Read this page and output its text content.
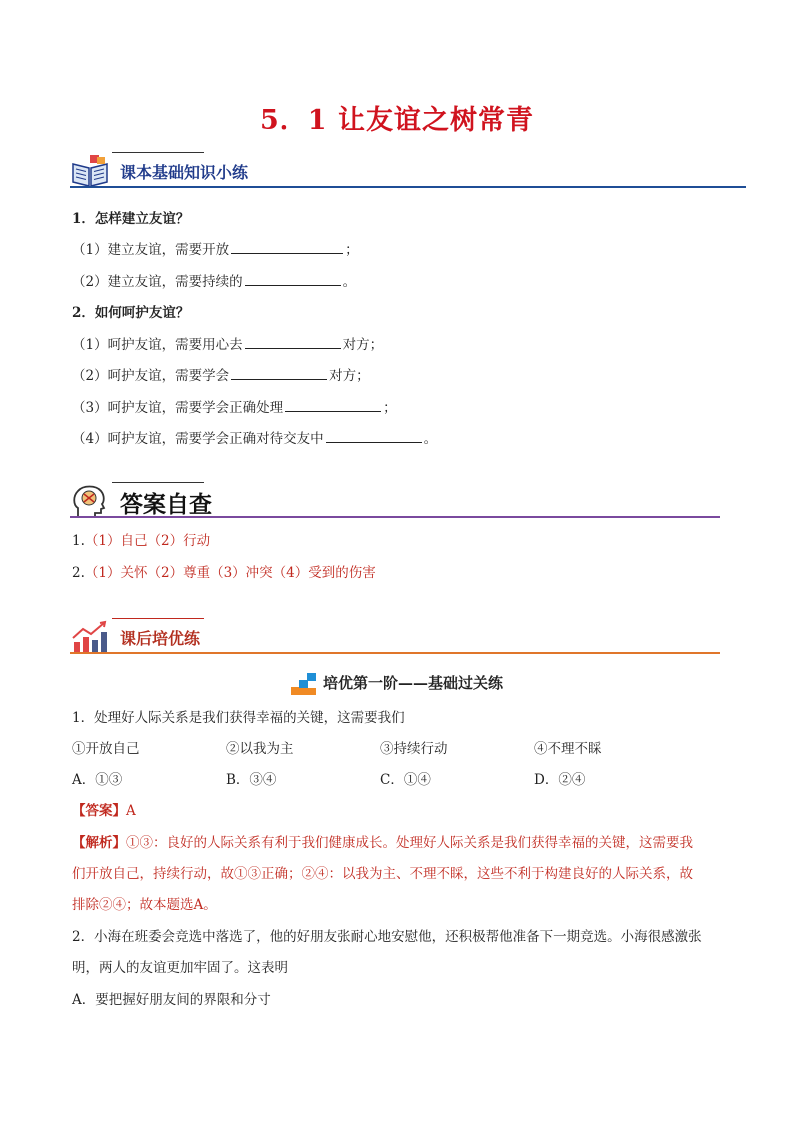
5．1 让友谊之树常青
课本基础知识小练
1．怎样建立友谊？
（1）建立友谊，需要开放	；
（2）建立友谊，需要持续的	。
2．如何呵护友谊？
（1）呵护友谊，需要用心去	对方；
（2）呵护友谊，需要学会	对方；
（3）呵护友谊，需要学会正确处理	；
（4）呵护友谊，需要学会正确对待交友中	。
答案自查
1.（1）自己（2）行动
2.（1）关怀（2）尊重（3）冲突（4）受到的伤害
课后培优练
培优第一阶——基础过关练
1．处理好人际关系是我们获得幸福的关键，这需要我们
①开放自己	②以我为主	③持续行动	④不理不睬
A．①③	B．③④	C．①④	D．②④
【答案】A
【解析】①③：良好的人际关系有利于我们健康成长。处理好人际关系是我们获得幸福的关键，这需要我
们开放自己，持续行动，故①③正确；②④：以我为主、不理不睬，这些不利于构建良好的人际关系，故
排除②④；故本题选A。
2．小海在班委会竞选中落选了，他的好朋友张耐心地安慰他，还积极帮他准备下一期竞选。小海很感激张
明，两人的友谊更加牢固了。这表明
A．要把握好朋友间的界限和分寸
